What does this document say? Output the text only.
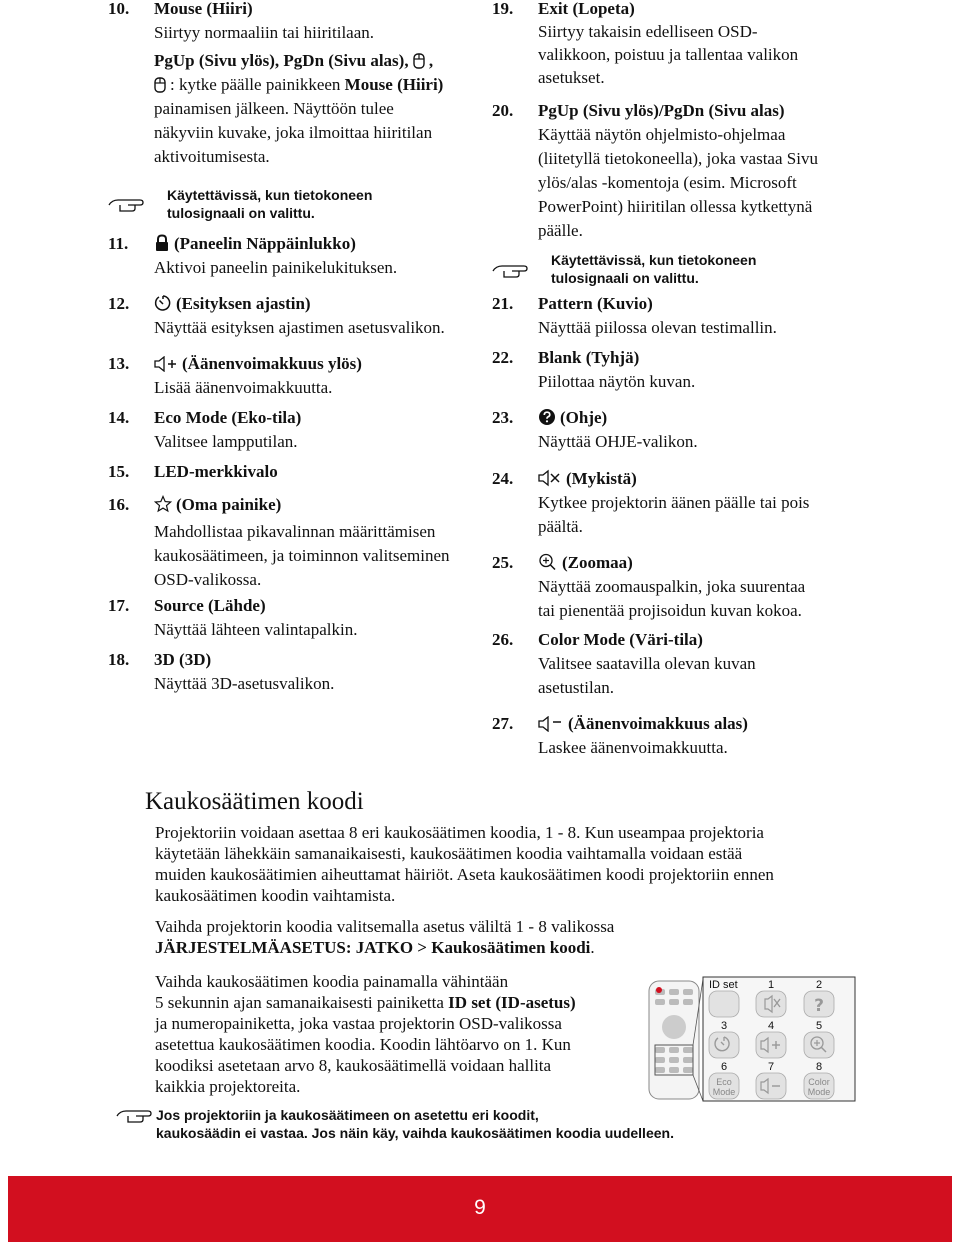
10. Mouse (Hiiri)
Siirtyy normaaliin tai hiiritilaan.
PgUp (Sivu ylös), PgDn (Sivu alas), ,
: kytke päälle painikkeen Mouse (Hiiri)
painamisen jälkeen. Näyttöön tulee
näkyviin kuvake, joka ilmoittaa hiiritilan
aktivoitumisesta.
Käytettävissä, kun tietokoneen
tulosignaali on valittu.
11.	(Paneelin Näppäinlukko)
Aktivoi paneelin painikelukituksen.
12.	(Esityksen ajastin)
Näyttää esityksen ajastimen asetusvalikon.
13.	(Äänenvoimakkuus ylös)
Lisää äänenvoimakkuutta.
14. Eco Mode (Eko-tila)
Valitsee lampputilan.
15. LED-merkkivalo
16.	(Oma painike)
Mahdollistaa pikavalinnan määrittämisen
kaukosäätimeen, ja toiminnon valitseminen
OSD-valikossa.
17. Source (Lähde)
Näyttää lähteen valintapalkin.
18. 3D (3D)
Näyttää 3D-asetusvalikon.
19. Exit (Lopeta)
Siirtyy takaisin edelliseen OSD-
valikkoon, poistuu ja tallentaa valikon
asetukset.
20. PgUp (Sivu ylös)/PgDn (Sivu alas)
Käyttää näytön ohjelmisto-ohjelmaa
(liitetyllä tietokoneella), joka vastaa Sivu
ylös/alas -komentoja (esim. Microsoft
PowerPoint) hiiritilan ollessa kytkettynä
päälle.
Käytettävissä, kun tietokoneen
tulosignaali on valittu.
21. Pattern (Kuvio)
Näyttää piilossa olevan testimallin.
22. Blank (Tyhjä)
Piilottaa näytön kuvan.
23.	(Ohje)
Näyttää OHJE-valikon.
24.	(Mykistä)
Kytkee projektorin äänen päälle tai pois
päältä.
25.	(Zoomaa)
Näyttää zoomauspalkin, joka suurentaa
tai pienentää projisoidun kuvan kokoa.
26. Color Mode (Väri-tila)
Valitsee saatavilla olevan kuvan
asetustilan.
27.	(Äänenvoimakkuus alas)
Laskee äänenvoimakkuutta.
Kaukosäätimen koodi
Projektoriin voidaan asettaa 8 eri kaukosäätimen koodia, 1 - 8. Kun useampaa projektoria
käytetään lähekkäin samanaikaisesti, kaukosäätimen koodia vaihtamalla voidaan estää
muiden kaukosäätimien aiheuttamat häiriöt. Aseta kaukosäätimen koodi projektoriin ennen
kaukosäätimen koodin vaihtamista.
Vaihda projektorin koodia valitsemalla asetus väliltä 1 - 8 valikossa
JÄRJESTELMÄASETUS: JATKO > Kaukosäätimen koodi.
Vaihda kaukosäätimen koodia painamalla vähintään
5 sekunnin ajan samanaikaisesti painiketta ID set (ID-asetus)
ja numeropainiketta, joka vastaa projektorin OSD-valikossa
asetettua kaukosäätimen koodia. Koodin lähtöarvo on 1. Kun
koodiksi asetetaan arvo 8, kaukosäätimellä voidaan hallita
kaikkia projektoreita.
Jos projektoriin ja kaukosäätimeen on asetettu eri koodit,
kaukosäädin ei vastaa. Jos näin käy, vaihda kaukosäätimen koodia uudelleen.
?
ID set	1	2
3	4	5
6	7	8
Eco
Mode
Color
Mode
9
